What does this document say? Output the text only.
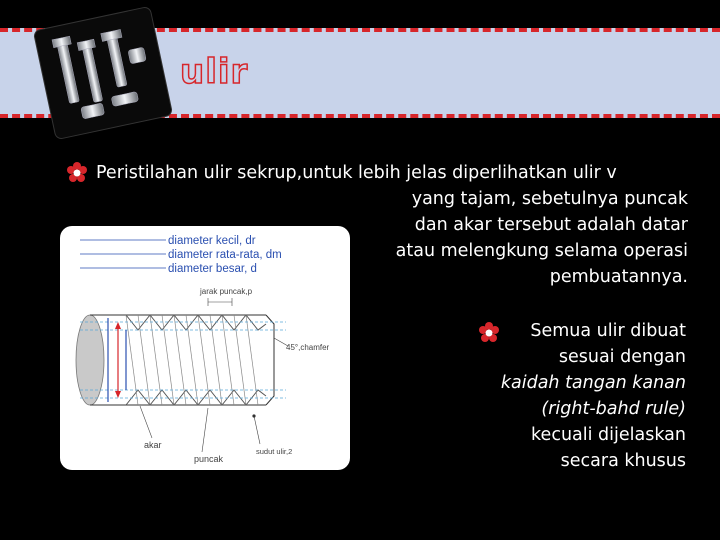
ulir
Peristilahan ulir sekrup,untuk lebih jelas diperlihatkan ulir v
yang tajam, sebetulnya puncak
dan akar tersebut adalah datar
atau melengkung selama operasi
pembuatannya.
diameter kecil, dr
diameter rata-rata, dm
diameter besar, d
jarak puncak,p
45°,chamfer
akar
puncak
sudut ulir,2
Semua ulir dibuat
sesuai dengan
kaidah tangan kanan
(right-bahd rule)
kecuali dijelaskan
secara khusus
